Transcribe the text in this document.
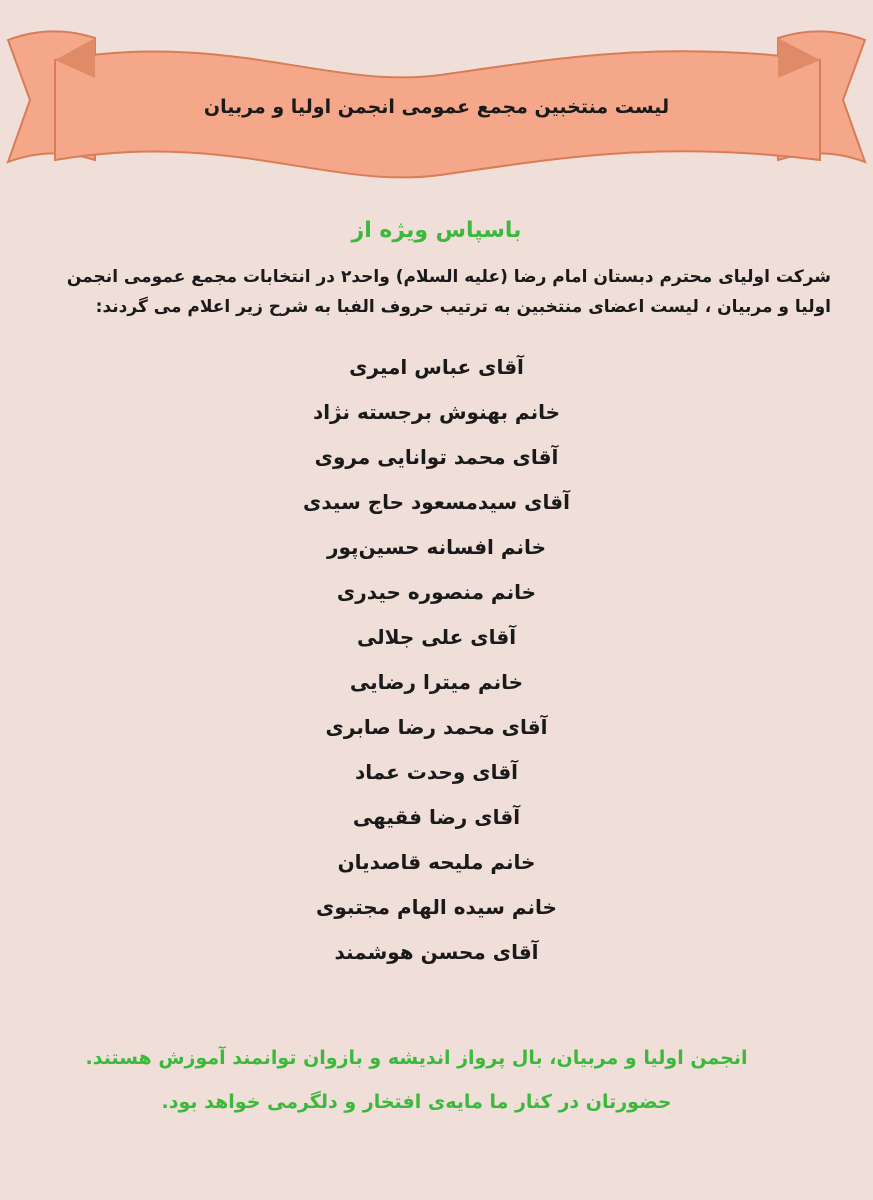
لیست منتخبین مجمع عمومی انجمن اولیا و مربیان
باسپاس ویژه از
شرکت اولیای محترم دبستان امام رضا (علیه السلام) واحد۲ در انتخابات مجمع عمومی انجمن اولیا و مربیان ، لیست اعضای منتخبین به ترتیب حروف الفبا به شرح زیر اعلام می گردند:
آقای عباس امیری
خانم بهنوش برجسته نژاد
آقای محمد توانایی مروی
آقای سیدمسعود حاج سیدی
خانم افسانه حسین‌پور
خانم منصوره حیدری
آقای علی جلالی
خانم میترا رضایی
آقای محمد رضا صابری
آقای وحدت عماد
آقای رضا فقیهی
خانم ملیحه قاصدیان
خانم سیده الهام مجتبوی
آقای محسن هوشمند
انجمن اولیا و مربیان، بال پرواز اندیشه و بازوان توانمند آموزش هستند.
حضورتان در کنار ما مایه‌ی افتخار و دلگرمی خواهد بود.
